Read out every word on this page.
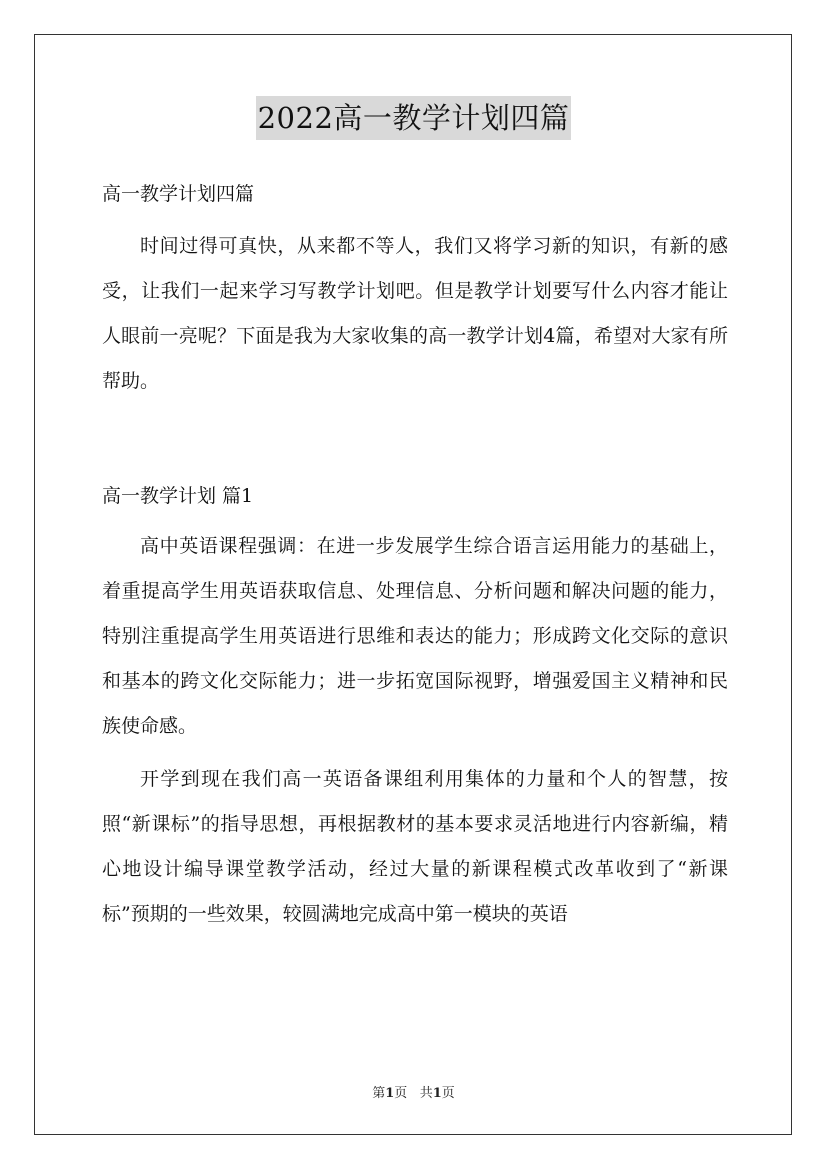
2022高一教学计划四篇

高一教学计划四篇

时间过得可真快，从来都不等人，我们又将学习新的知识，有新的感受，让我们一起来学习写教学计划吧。但是教学计划要写什么内容才能让人眼前一亮呢？下面是我为大家收集的高一教学计划4篇，希望对大家有所帮助。

高一教学计划 篇1

高中英语课程强调：在进一步发展学生综合语言运用能力的基础上，着重提高学生用英语获取信息、处理信息、分析问题和解决问题的能力，特别注重提高学生用英语进行思维和表达的能力；形成跨文化交际的意识和基本的跨文化交际能力；进一步拓宽国际视野，增强爱国主义精神和民族使命感。

开学到现在我们高一英语备课组利用集体的力量和个人的智慧，按照“新课标”的指导思想，再根据教材的基本要求灵活地进行内容新编，精心地设计编导课堂教学活动，经过大量的新课程模式改革收到了“新课标”预期的一些效果，较圆满地完成高中第一模块的英语

第1页 共1页
